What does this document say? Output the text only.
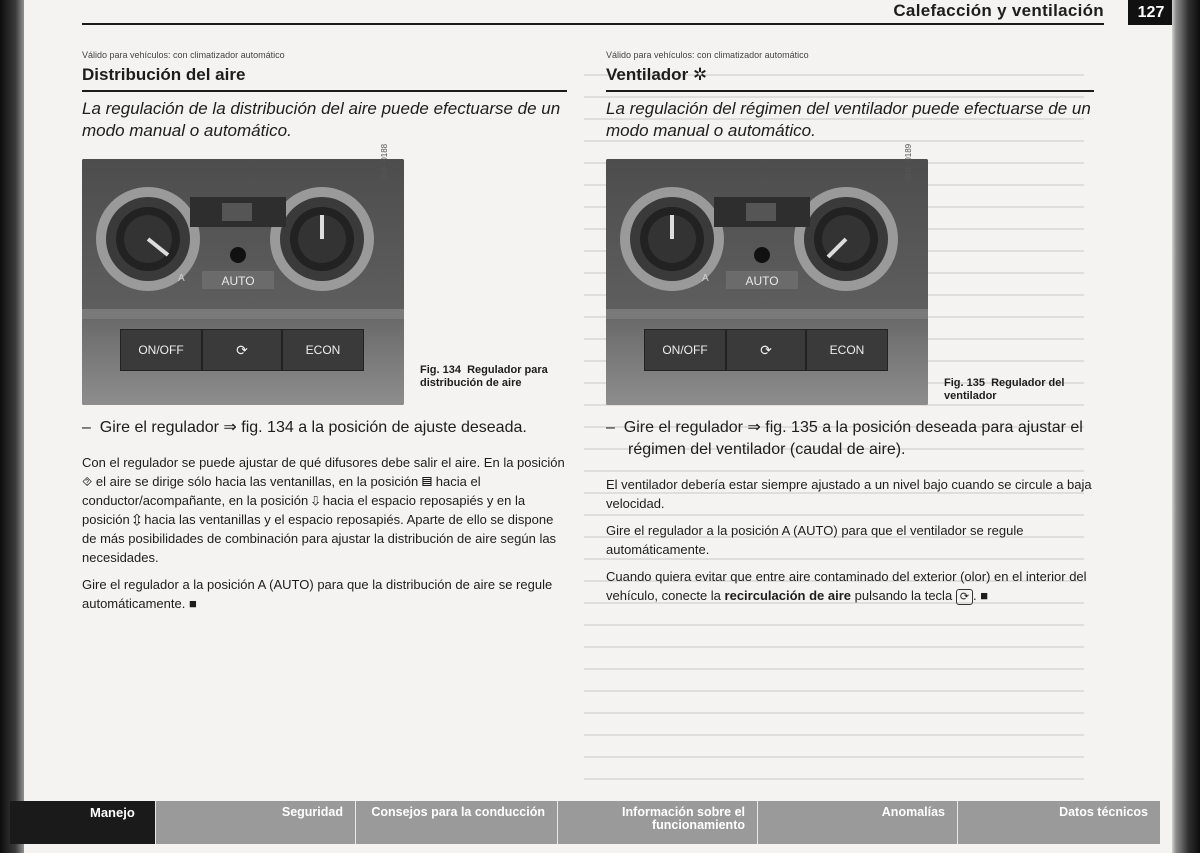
Calefacción y ventilación	127

Válido para vehículos: con climatizador automático

Distribución del aire

La regulación de la distribución del aire puede efectuarse de un modo manual o automático.

AUTO
A
ON/OFF	⟳	ECON
B4F-0188
Fig. 134 Regulador para distribución de aire
–  Gire el regulador ⇒ fig. 134 a la posición de ajuste deseada.

Con el regulador se puede ajustar de qué difusores debe salir el aire. En la posición ⯑ el aire se dirige sólo hacia las ventanillas, en la posición ▤ hacia el conductor/acompañante, en la posición ⇩ hacia el espacio reposapiés y en la posición ⇳ hacia las ventanillas y el espacio reposapiés. Aparte de ello se dispone de más posibilidades de combinación para ajustar la distribución de aire según las necesidades.

Gire el regulador a la posición A (AUTO) para que la distribución de aire se regule automáticamente. ■

Válido para vehículos: con climatizador automático

Ventilador ✲

La regulación del régimen del ventilador puede efectuarse de un modo manual o automático.

AUTO
A
ON/OFF	⟳	ECON
B4F-0189
Fig. 135 Regulador del ventilador
–  Gire el regulador ⇒ fig. 135 a la posición deseada para ajustar el régimen del ventilador (caudal de aire).

El ventilador debería estar siempre ajustado a un nivel bajo cuando se circule a baja velocidad.

Gire el regulador a la posición A (AUTO) para que el ventilador se regule automáticamente.

Cuando quiera evitar que entre aire contaminado del exterior (olor) en el interior del vehículo, conecte la recirculación de aire pulsando la tecla ⟳ . ■

Manejo	Seguridad	Consejos para la conducción	Información sobre el funcionamiento
Anomalías	Datos técnicos
